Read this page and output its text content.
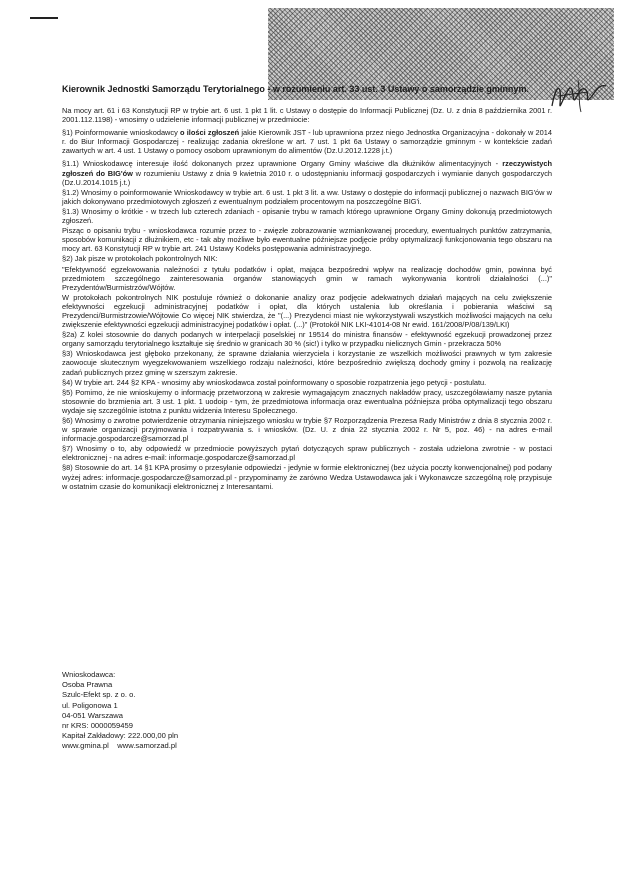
Kierownik Jednostki Samorządu Terytorialnego - w rozumieniu art. 33 ust. 3 Ustawy o samorządzie gminnym.

Na mocy art. 61 i 63 Konstytucji RP w trybie art. 6 ust. 1 pkt 1 lit. c Ustawy o dostępie do Informacji Publicznej (Dz. U. z dnia 8 października 2001 r. 2001.112.1198) - wnosimy o udzielenie informacji publicznej w przedmiocie:

§1) Poinformowanie wnioskodawcy o ilości zgłoszeń jakie Kierownik JST - lub uprawniona przez niego Jednostka Organizacyjna - dokonały w 2014 r. do Biur Informacji Gospodarczej - realizując zadania określone w art. 7 ust. 1 pkt 6a Ustawy o samorządzie gminnym - w kontekście zadań zawartych w art. 4 ust. 1 Ustawy o pomocy osobom uprawnionym do alimentów (Dz.U.2012.1228 j.t.)

§1.1) Wnioskodawcę interesuje ilość dokonanych przez uprawnione Organy Gminy właściwe dla dłużników alimentacyjnych - rzeczywistych zgłoszeń do BIG'ów w rozumieniu Ustawy z dnia 9 kwietnia 2010 r. o udostępnianiu informacji gospodarczych i wymianie danych gospodarczych (Dz.U.2014.1015 j.t.)

§1.2) Wnosimy o poinformowanie Wnioskodawcy w trybie art. 6 ust. 1 pkt 3 lit. a ww. Ustawy o dostępie do informacji publicznej o nazwach BIG'ów w jakich dokonywano przedmiotowych zgłoszeń z ewentualnym podziałem procentowym na poszczególne BIG'i.

§1.3) Wnosimy o krótkie - w trzech lub czterech zdaniach - opisanie trybu w ramach którego uprawnione Organy Gminy dokonują przedmiotowych zgłoszeń.

Pisząc o opisaniu trybu - wnioskodawca rozumie przez to - zwięzłe zobrazowanie wzmiankowanej procedury, ewentualnych punktów zatrzymania, sposobów komunikacji z dłużnikiem, etc - tak aby możliwe było ewentualne późniejsze podjęcie próby optymalizacji funkcjonowania tego obszaru na mocy art. 63 Konstytucji RP w trybie art. 241 Ustawy Kodeks postępowania administracyjnego.

§2) Jak pisze w protokołach pokontrolnych NIK:

"Efektywność egzekwowania należności z tytułu podatków i opłat, mająca bezpośredni wpływ na realizację dochodów gmin, powinna być przedmiotem szczególnego zainteresowania organów stanowiących gmin w ramach wykonywania kontroli działalności (...)" Prezydentów/Burmistrzów/Wójtów.

W protokołach pokontrolnych NIK postuluje również o dokonanie analizy oraz podjęcie adekwatnych działań mających na celu zwiększenie efektywności egzekucji administracyjnej podatków i opłat, dla których ustalenia lub określania i pobierania właściwi są Prezydenci/Burmistrzowie/Wójtowie Co więcej NIK stwierdza, że "(...) Prezydenci miast nie wykorzystywali wszystkich możliwości mających na celu zwiększenie efektywności egzekucji administracyjnej podatków i opłat. (...)" (Protokół NIK LKI-41014-08 Nr ewid. 161/2008/P/08/139/LKI)

§2a) Z kolei stosownie do danych podanych w interpelacji poselskiej nr 19514 do ministra finansów - efektywność egzekucji prowadzonej przez organy samorządu terytorialnego kształtuje się średnio w granicach 30 % (sic!) i tylko w przypadku nielicznych Gmin - przekracza 50%

§3) Wnioskodawca jest głęboko przekonany, że sprawne działania wierzyciela i korzystanie ze wszelkich możliwości prawnych w tym zakresie zaowocuje skutecznym wyegzekwowaniem wszelkiego rodzaju należności, które bezpośrednio zwiększą dochody gminy i pozwolą na realizację zadań publicznych przez gminę w szerszym zakresie.

§4) W trybie art. 244 §2 KPA - wnosimy aby wnioskodawca został poinformowany o sposobie rozpatrzenia jego petycji - postulatu.

§5) Pomimo, że nie wnioskujemy o informację przetworzoną w zakresie wymagającym znacznych nakładów pracy, uszczegóławiamy nasze pytania stosownie do brzmienia art. 3 ust. 1 pkt. 1 uodoip - tym, że przedmiotowa informacja oraz ewentualna późniejsza próba optymalizacji tego obszaru wydaje się szczególnie istotna z punktu widzenia Interesu Społecznego.

§6) Wnosimy o zwrotne potwierdzenie otrzymania niniejszego wniosku w trybie §7 Rozporządzenia Prezesa Rady Ministrów z dnia 8 stycznia 2002 r. w sprawie organizacji przyjmowania i rozpatrywania s. i wniosków. (Dz. U. z dnia 22 stycznia 2002 r. Nr 5, poz. 46) - na adres e-mail informacje.gospodarcze@samorzad.pl

§7) Wnosimy o to, aby odpowiedź w przedmiocie powyższych pytań dotyczących spraw publicznych - została udzielona zwrotnie - w postaci elektronicznej - na adres e-mail: informacje.gospodarcze@samorzad.pl

§8) Stosownie do art. 14 §1 KPA prosimy o przesyłanie odpowiedzi - jedynie w formie elektronicznej (bez użycia poczty konwencjonalnej) pod podany wyżej adres: informacje.gospodarcze@samorzad.pl - przypominamy że zarówno Wedza Ustawodawca jak i Wykonawcze szczególną rolę przypisuje w ostatnim czasie do komunikacji elektronicznej z Interesantami.

Wnioskodawca:
Osoba Prawna
Szulc-Efekt sp. z o. o.
ul. Poligonowa 1
04-051 Warszawa
nr KRS: 0000059459
Kapitał Zakładowy: 222.000,00 pln
www.gmina.pl    www.samorzad.pl
